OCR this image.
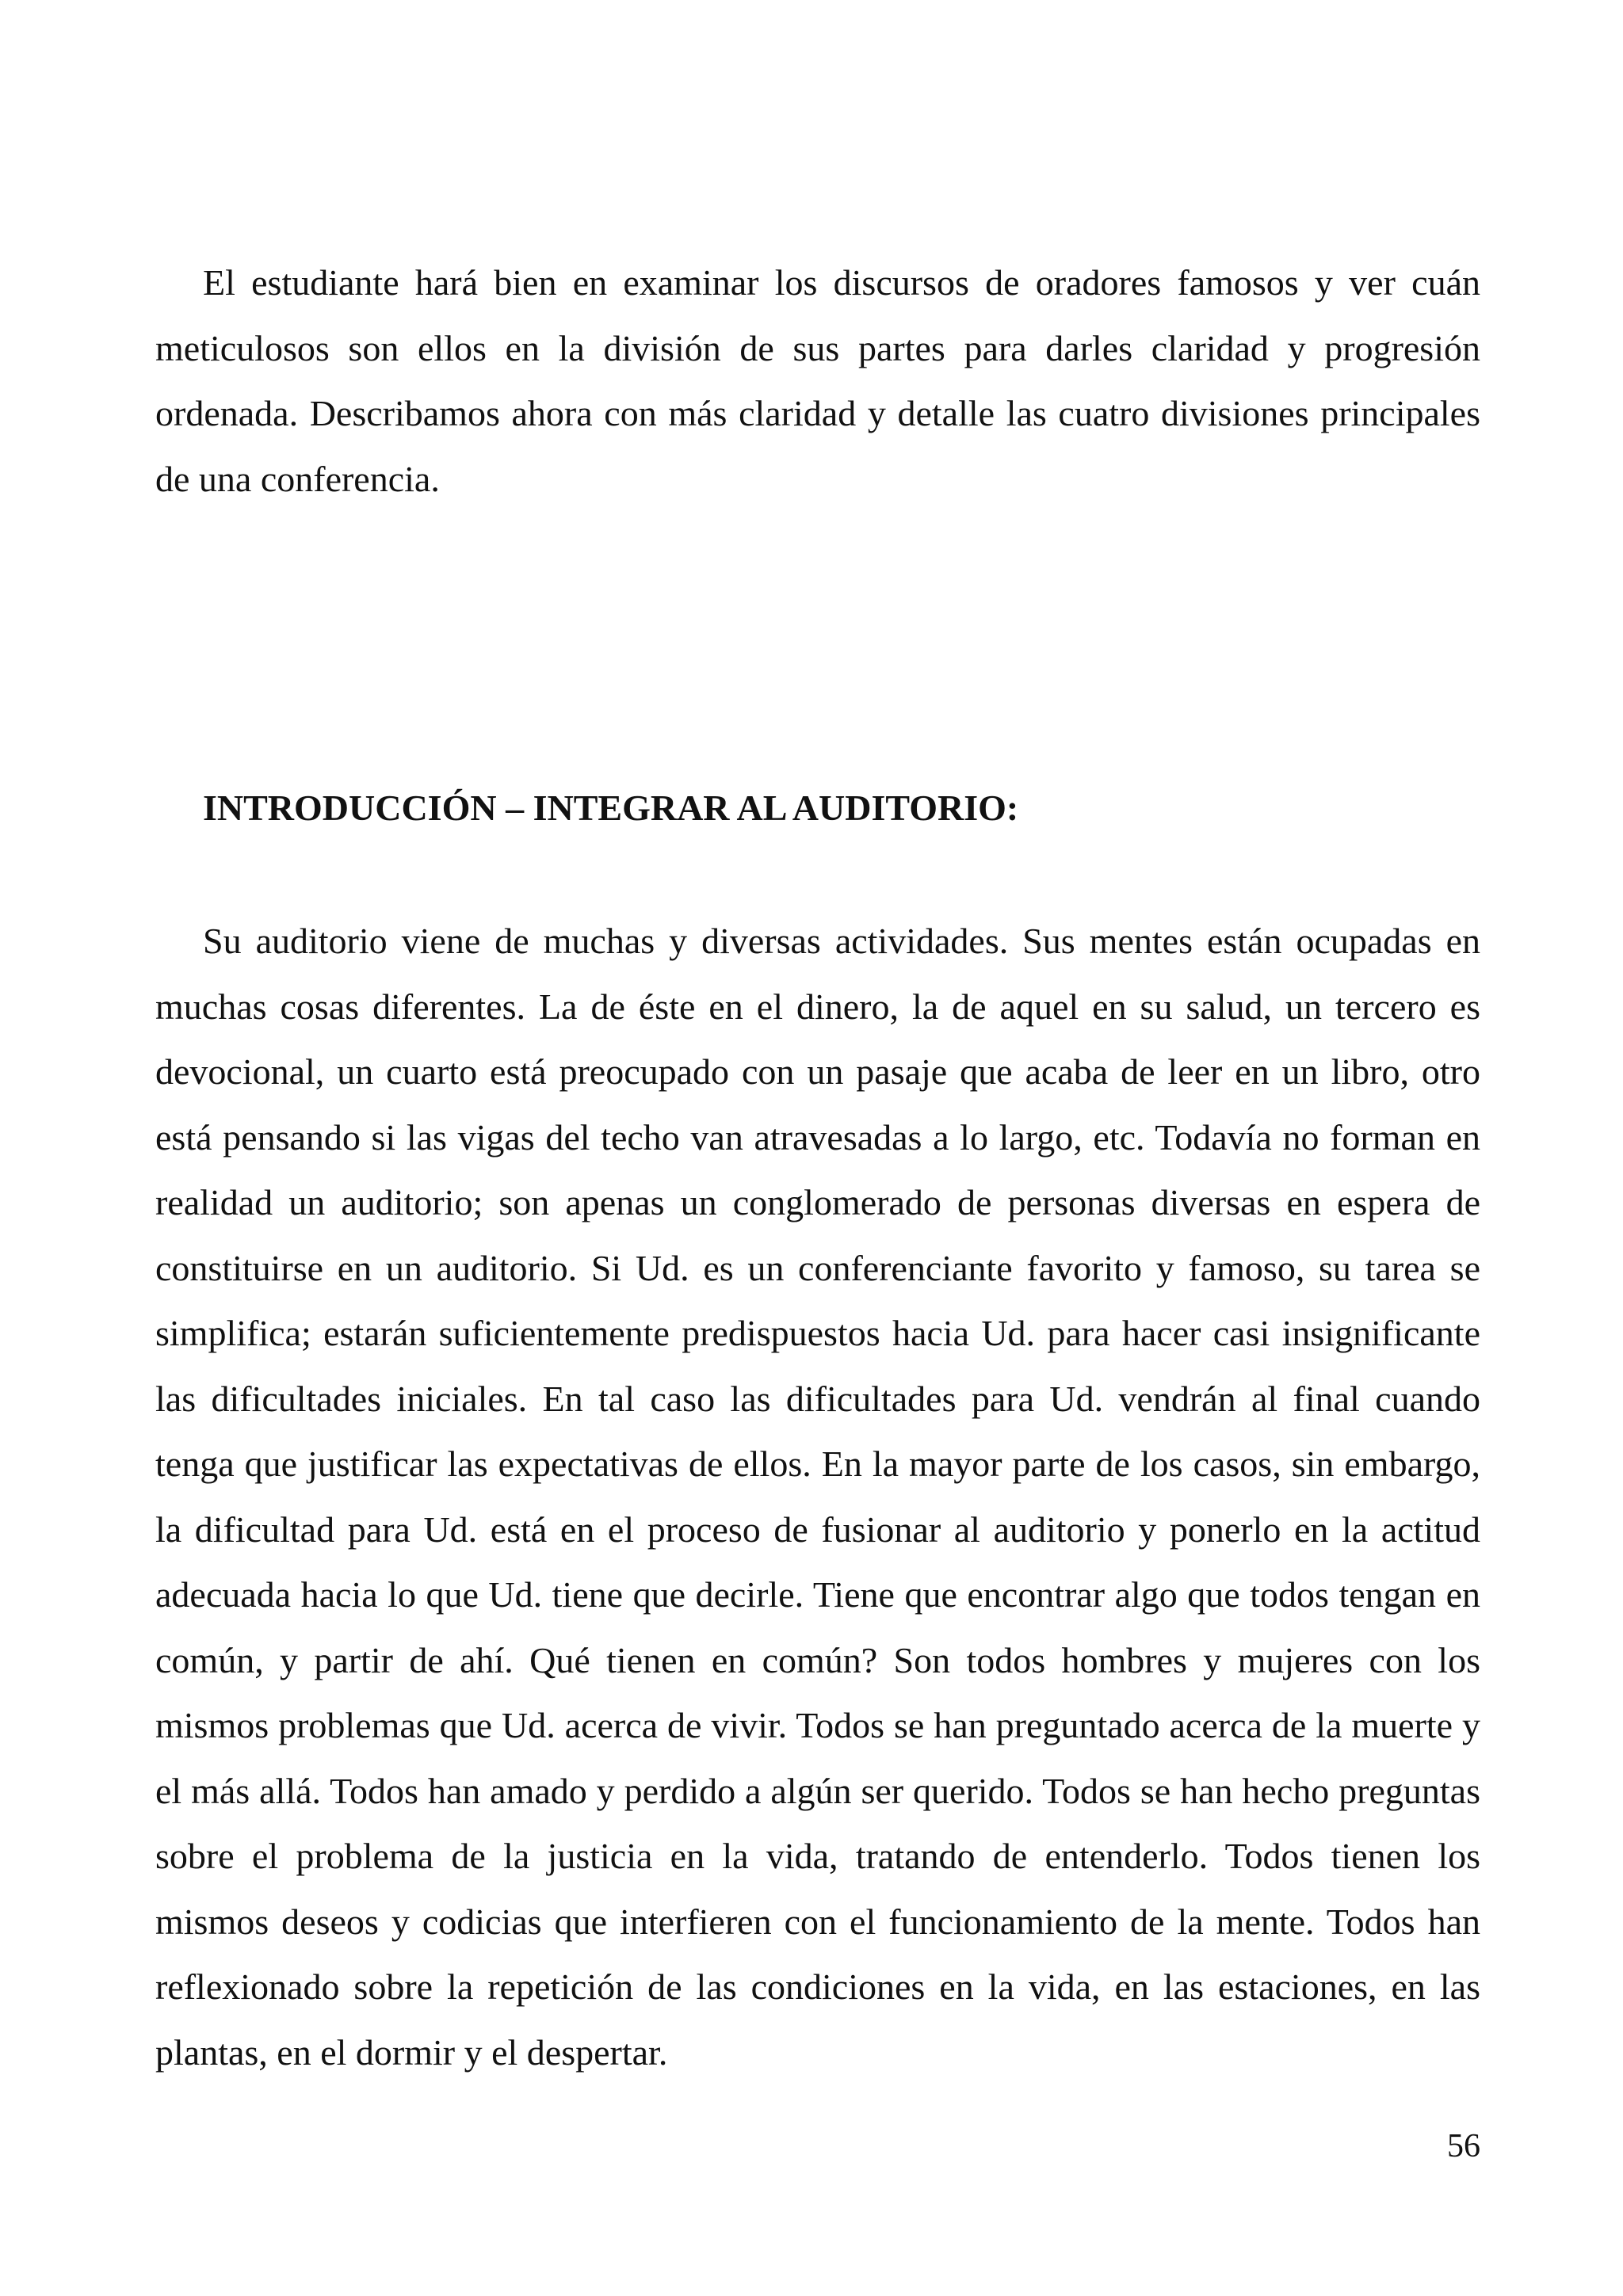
El estudiante hará bien en examinar los discursos de oradores famosos y ver cuán meticulosos son ellos en la división de sus partes para darles claridad y progresión ordenada. Describamos ahora con más claridad y detalle las cuatro divisiones principales de una conferencia.

INTRODUCCIÓN – INTEGRAR AL AUDITORIO:

Su auditorio viene de muchas y diversas actividades. Sus mentes están ocupadas en muchas cosas diferentes. La de éste en el dinero, la de aquel en su salud, un tercero es devocional, un cuarto está preocupado con un pasaje que acaba de leer en un libro, otro está pensando si las vigas del techo van atravesadas a lo largo, etc. Todavía no forman en realidad un auditorio; son apenas un conglomerado de personas diversas en espera de constituirse en un auditorio. Si Ud. es un conferenciante favorito y famoso, su tarea se simplifica; estarán suficientemente predispuestos hacia Ud. para hacer casi insignificante las dificultades iniciales. En tal caso las dificultades para Ud. vendrán al final cuando tenga que justificar las expectativas de ellos. En la mayor parte de los casos, sin embargo, la dificultad para Ud. está en el proceso de fusionar al auditorio y ponerlo en la actitud adecuada hacia lo que Ud. tiene que decirle. Tiene que encontrar algo que todos tengan en común, y partir de ahí. Qué tienen en común? Son todos hombres y mujeres con los mismos problemas que Ud. acerca de vivir. Todos se han preguntado acerca de la muerte y el más allá. Todos han amado y perdido a algún ser querido. Todos se han hecho preguntas sobre el problema de la justicia en la vida, tratando de entenderlo. Todos tienen los mismos deseos y codicias que interfieren con el funcionamiento de la mente. Todos han reflexionado sobre la repetición de las condiciones en la vida, en las estaciones, en las plantas, en el dormir y el despertar.

56
